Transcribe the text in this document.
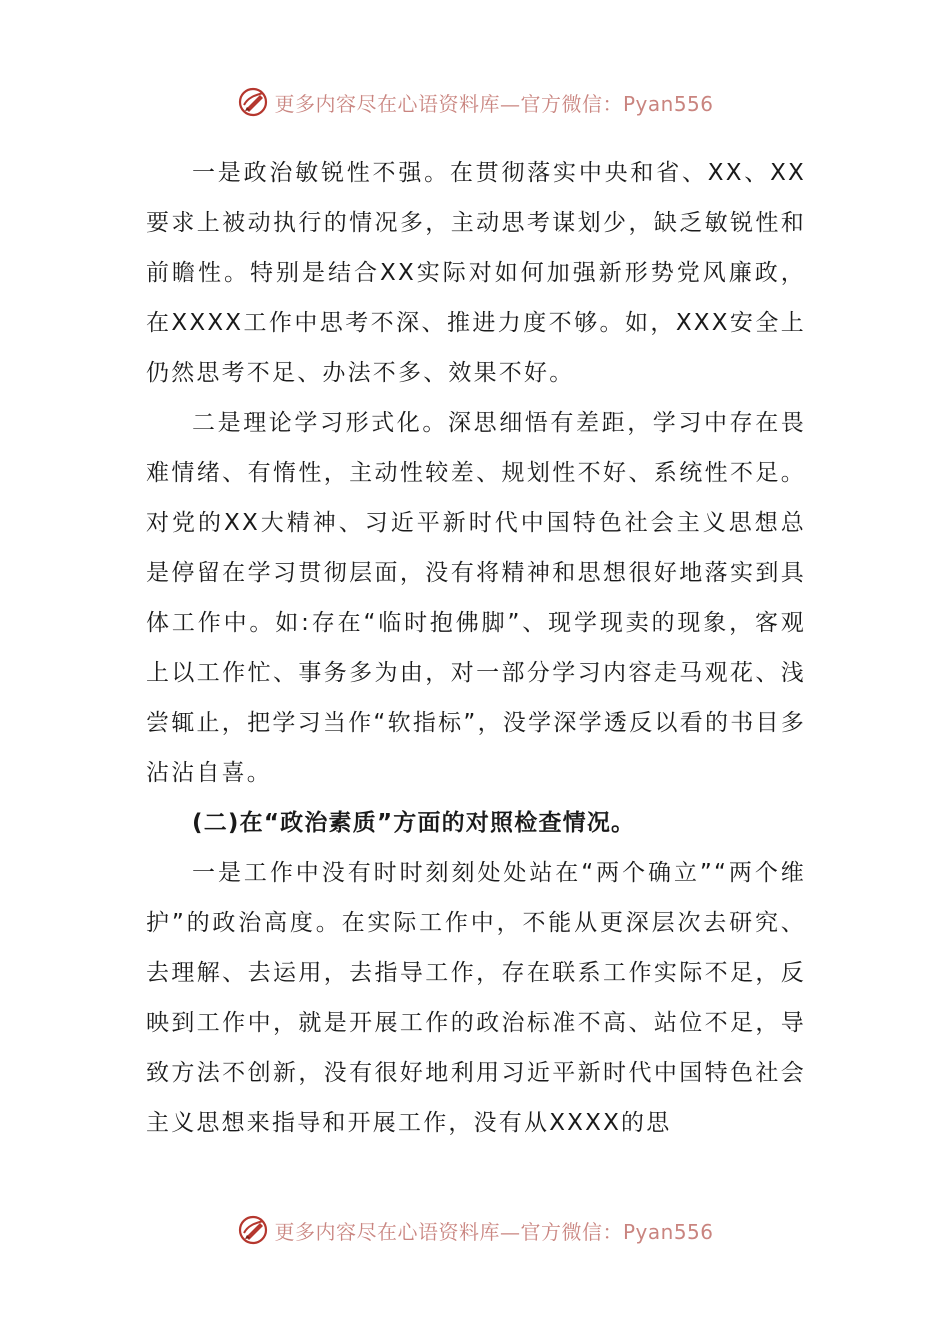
更多内容尽在心语资料库—官方微信：Pyan556

一是政治敏锐性不强。在贯彻落实中央和省、XX、XX要求上被动执行的情况多，主动思考谋划少，缺乏敏锐性和前瞻性。特别是结合XX实际对如何加强新形势党风廉政，在XXXX工作中思考不深、推进力度不够。如，XXX安全上仍然思考不足、办法不多、效果不好。

二是理论学习形式化。深思细悟有差距，学习中存在畏难情绪、有惰性，主动性较差、规划性不好、系统性不足。对党的XX大精神、习近平新时代中国特色社会主义思想总是停留在学习贯彻层面，没有将精神和思想很好地落实到具体工作中。如:存在“临时抱佛脚”、现学现卖的现象，客观上以工作忙、事务多为由，对一部分学习内容走马观花、浅尝辄止，把学习当作“软指标”，没学深学透反以看的书目多沾沾自喜。

(二)在“政治素质”方面的对照检查情况。

一是工作中没有时时刻刻处处站在“两个确立”“两个维护”的政治高度。在实际工作中，不能从更深层次去研究、去理解、去运用，去指导工作，存在联系工作实际不足，反映到工作中，就是开展工作的政治标准不高、站位不足，导致方法不创新，没有很好地利用习近平新时代中国特色社会主义思想来指导和开展工作，没有从XXXX的思

更多内容尽在心语资料库—官方微信：Pyan556
